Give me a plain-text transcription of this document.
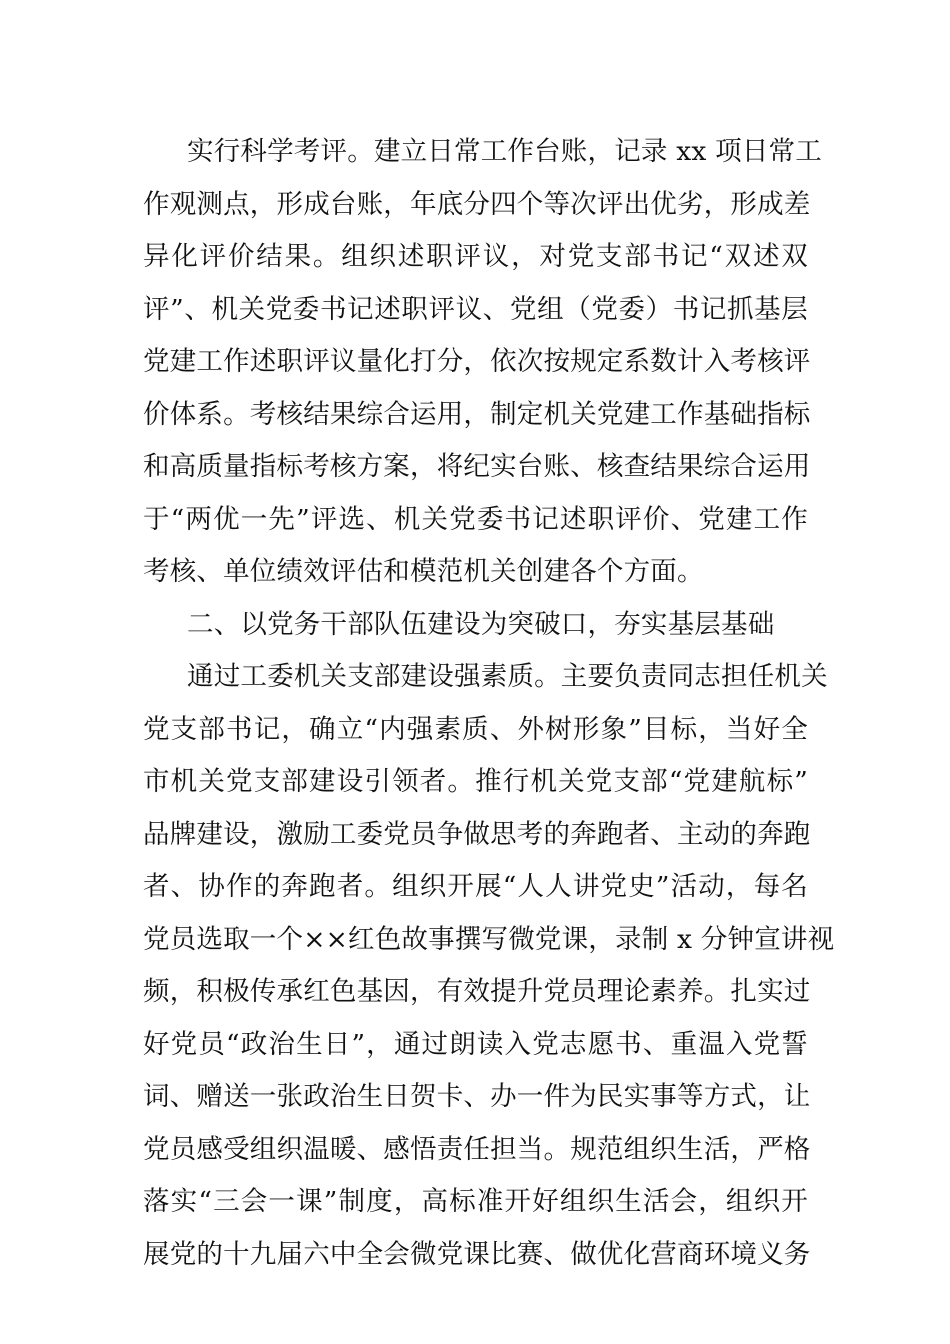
实行科学考评。建立日常工作台账，记录 xx 项日常工
作观测点，形成台账，年底分四个等次评出优劣，形成差
异化评价结果。组织述职评议，对党支部书记“双述双
评”、机关党委书记述职评议、党组（党委）书记抓基层
党建工作述职评议量化打分，依次按规定系数计入考核评
价体系。考核结果综合运用，制定机关党建工作基础指标
和高质量指标考核方案，将纪实台账、核查结果综合运用
于“两优一先”评选、机关党委书记述职评价、党建工作
考核、单位绩效评估和模范机关创建各个方面。
二、以党务干部队伍建设为突破口，夯实基层基础
通过工委机关支部建设强素质。主要负责同志担任机关
党支部书记，确立“内强素质、外树形象”目标，当好全
市机关党支部建设引领者。推行机关党支部“党建航标”
品牌建设，激励工委党员争做思考的奔跑者、主动的奔跑
者、协作的奔跑者。组织开展“人人讲党史”活动，每名
党员选取一个××红色故事撰写微党课，录制 x 分钟宣讲视
频，积极传承红色基因，有效提升党员理论素养。扎实过
好党员“政治生日”，通过朗读入党志愿书、重温入党誓
词、赠送一张政治生日贺卡、办一件为民实事等方式，让
党员感受组织温暖、感悟责任担当。规范组织生活，严格
落实“三会一课”制度，高标准开好组织生活会，组织开
展党的十九届六中全会微党课比赛、做优化营商环境义务
